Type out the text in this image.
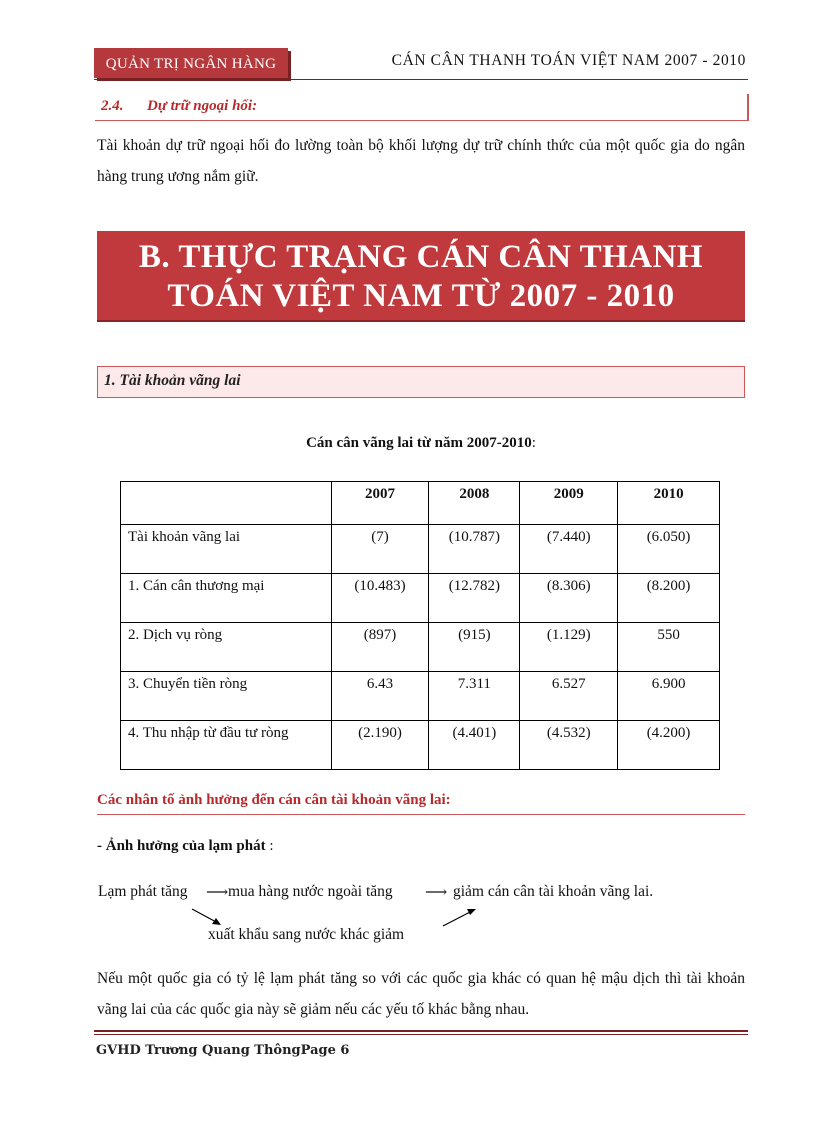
QUẢN TRỊ NGÂN HÀNG	CÁN CÂN THANH TOÁN VIỆT NAM 2007 - 2010
2.4. Dự trữ ngoại hối:
Tài khoản dự trữ ngoại hối đo lường toàn bộ khối lượng dự trữ chính thức của một quốc gia do ngân hàng trung ương nắm giữ.
B. THỰC TRẠNG CÁN CÂN THANH
TOÁN VIỆT NAM TỪ 2007 - 2010
1. Tài khoản vãng lai
Cán cân vãng lai từ năm 2007-2010:
	2007	2008	2009	2010
Tài khoản vãng lai	(7)	(10.787)	(7.440)	(6.050)
1. Cán cân thương mại	(10.483)	(12.782)	(8.306)	(8.200)
2. Dịch vụ ròng	(897)	(915)	(1.129)	550
3. Chuyển tiền ròng	6.43	7.311	6.527	6.900
4. Thu nhập từ đầu tư ròng	(2.190)	(4.401)	(4.532)	(4.200)
Các nhân tố ảnh hưởng đến cán cân tài khoản vãng lai:
- Ảnh hưởng của lạm phát :
Lạm phát tăng ⟶ mua hàng nước ngoài tăng ⟶ giảm cán cân tài khoản vãng lai.
xuất khẩu sang nước khác giảm
Nếu một quốc gia có tỷ lệ lạm phát tăng so với các quốc gia khác có quan hệ mậu dịch thì tài khoản vãng lai của các quốc gia này sẽ giảm nếu các yếu tố khác bằng nhau.
GVHD Trương Quang ThôngPage 6
